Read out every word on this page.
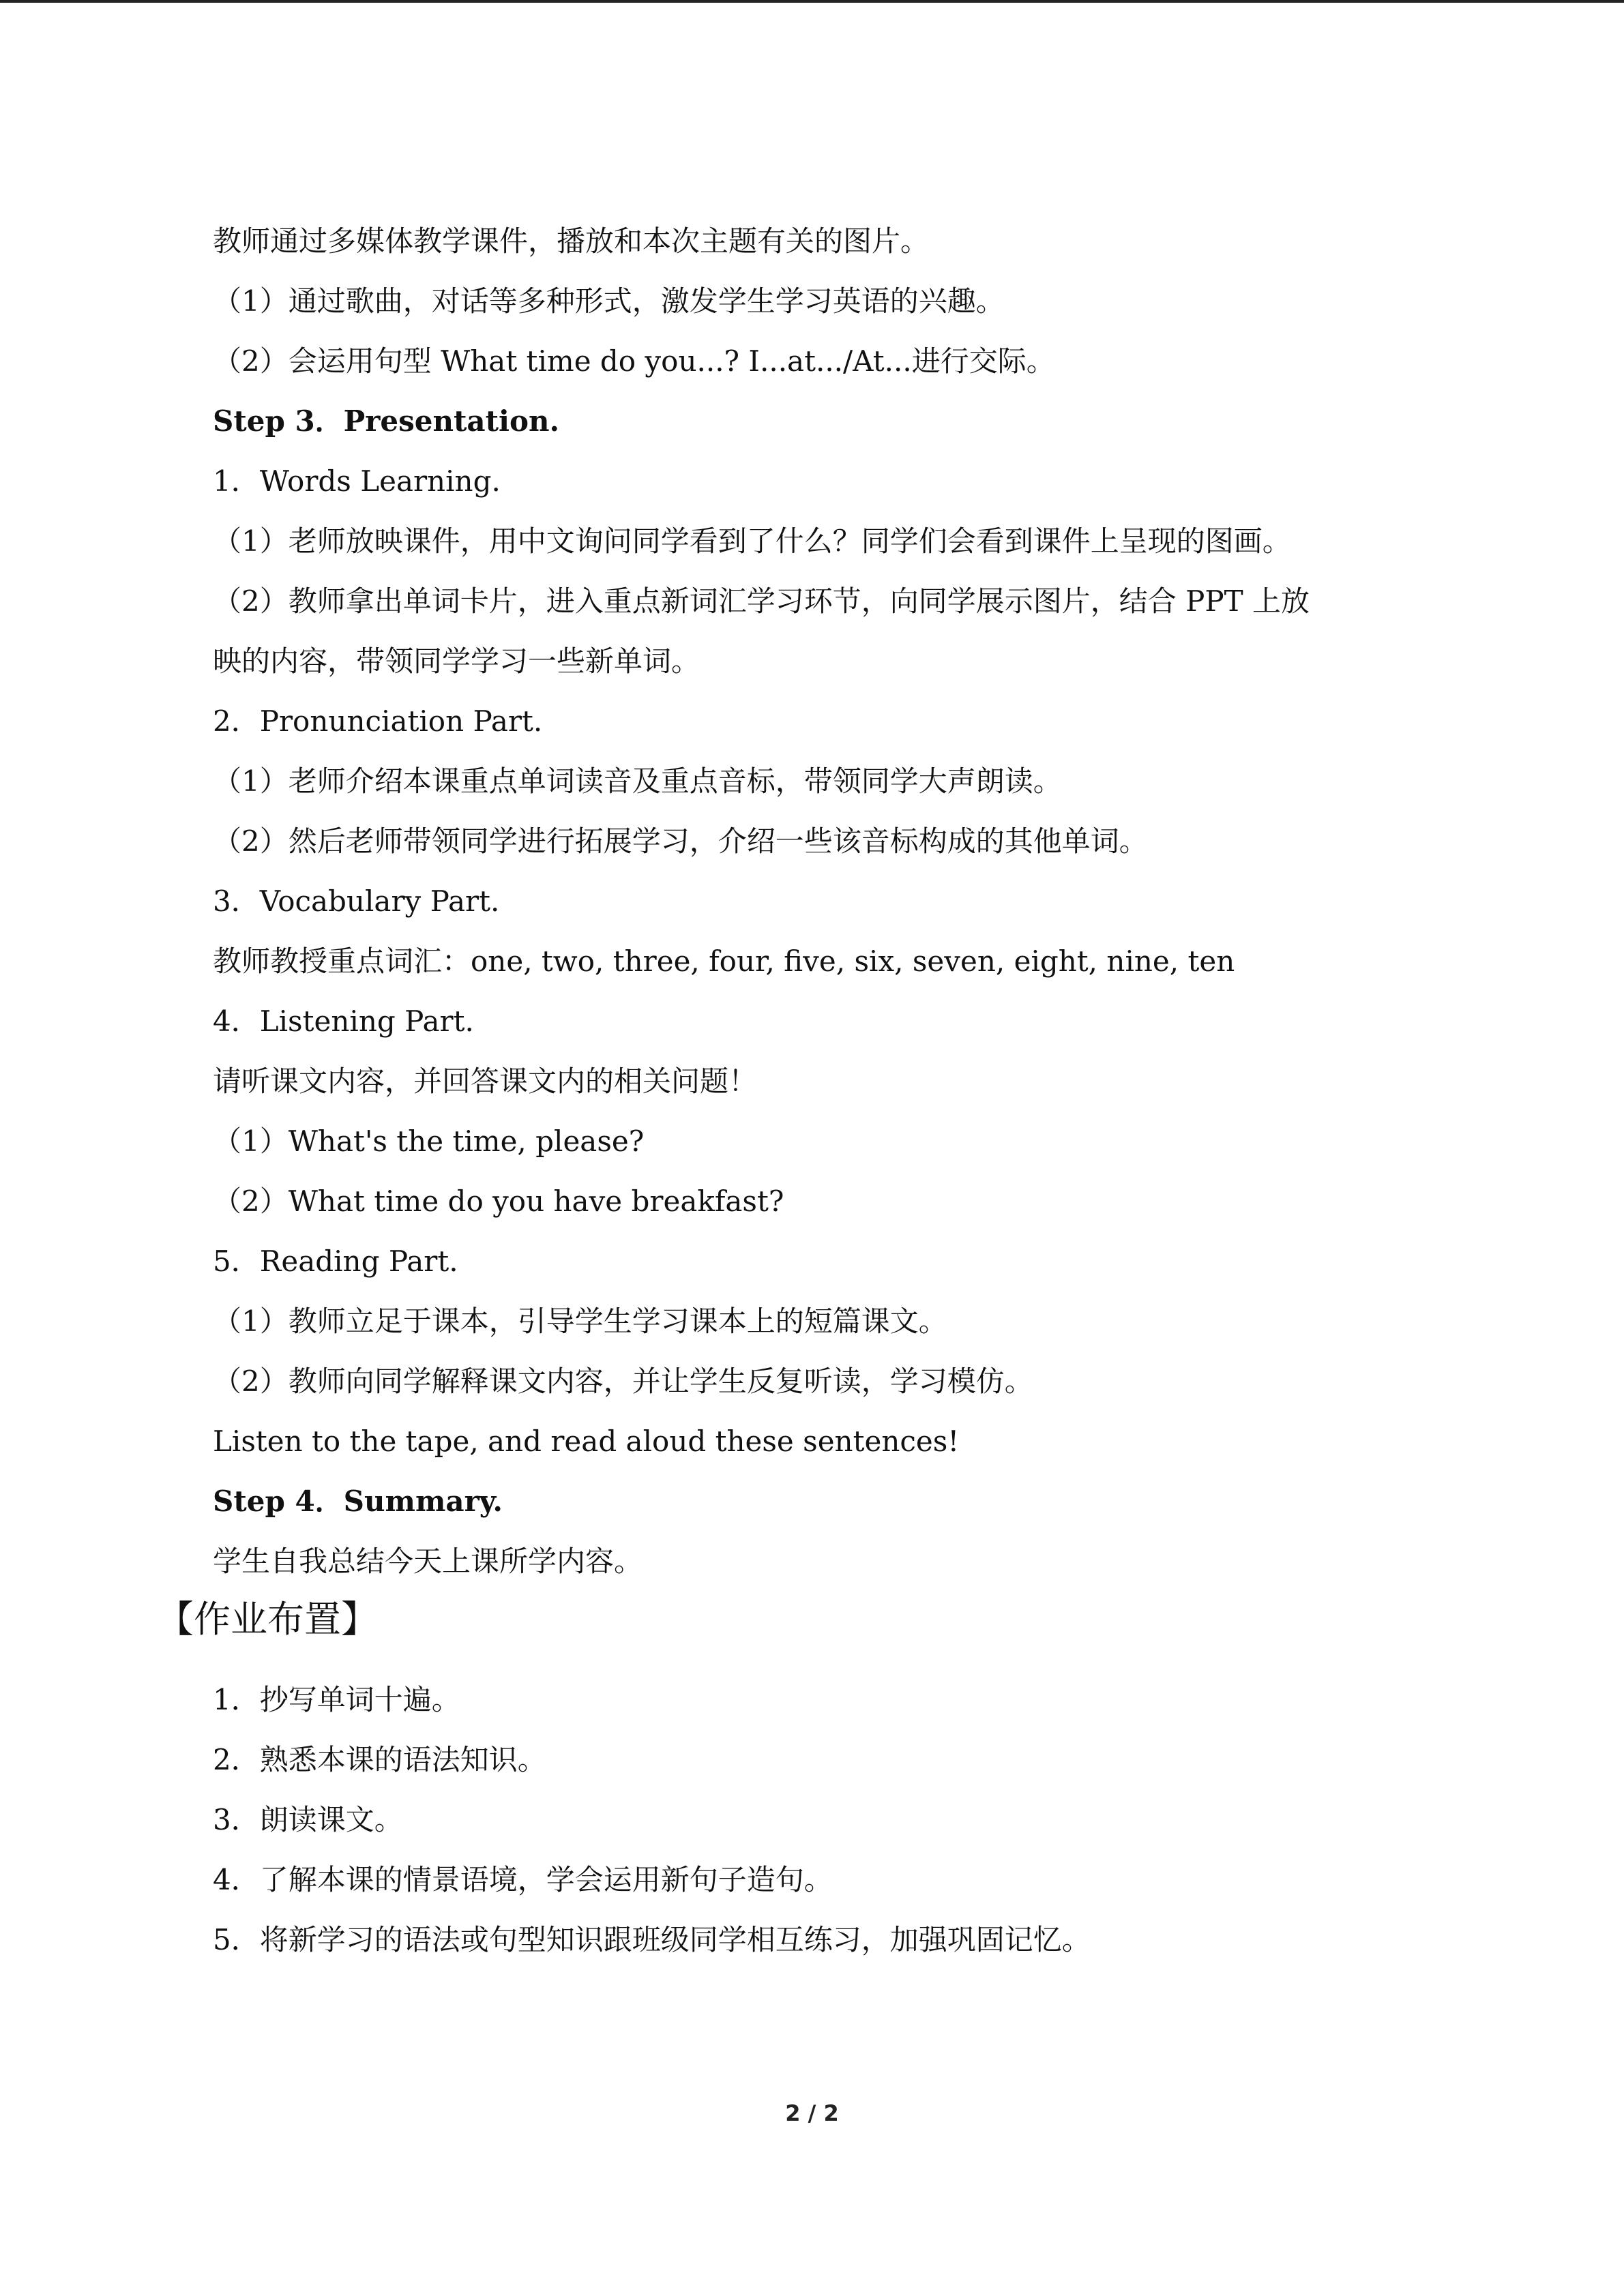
教师通过多媒体教学课件，播放和本次主题有关的图片。
（1）通过歌曲，对话等多种形式，激发学生学习英语的兴趣。
（2）会运用句型 What time do you...? I...at.../At...进行交际。
Step 3．Presentation.
1．Words Learning.
（1）老师放映课件，用中文询问同学看到了什么？同学们会看到课件上呈现的图画。
（2）教师拿出单词卡片，进入重点新词汇学习环节，向同学展示图片，结合 PPT 上放
映的内容，带领同学学习一些新单词。
2．Pronunciation Part.
（1）老师介绍本课重点单词读音及重点音标，带领同学大声朗读。
（2）然后老师带领同学进行拓展学习，介绍一些该音标构成的其他单词。
3．Vocabulary Part.
教师教授重点词汇：one, two, three, four, five, six, seven, eight, nine, ten
4．Listening Part.
请听课文内容，并回答课文内的相关问题！
（1）What's the time, please?
（2）What time do you have breakfast?
5．Reading Part.
（1）教师立足于课本，引导学生学习课本上的短篇课文。
（2）教师向同学解释课文内容，并让学生反复听读，学习模仿。
Listen to the tape, and read aloud these sentences!
Step 4．Summary.
学生自我总结今天上课所学内容。
【作业布置】
1．抄写单词十遍。
2．熟悉本课的语法知识。
3．朗读课文。
4．了解本课的情景语境，学会运用新句子造句。
5．将新学习的语法或句型知识跟班级同学相互练习，加强巩固记忆。
2 / 2
